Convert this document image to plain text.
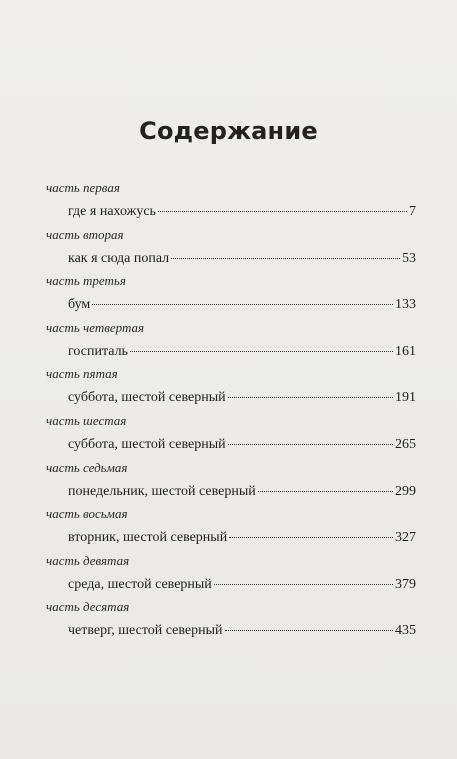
Содержание
часть первая
где я нахожусь	7
часть вторая
как я сюда попал	53
часть третья
бум	133
часть четвертая
госпиталь	161
часть пятая
суббота, шестой северный	191
часть шестая
суббота, шестой северный	265
часть седьмая
понедельник, шестой северный	299
часть восьмая
вторник, шестой северный	327
часть девятая
среда, шестой северный	379
часть десятая
четверг, шестой северный	435
